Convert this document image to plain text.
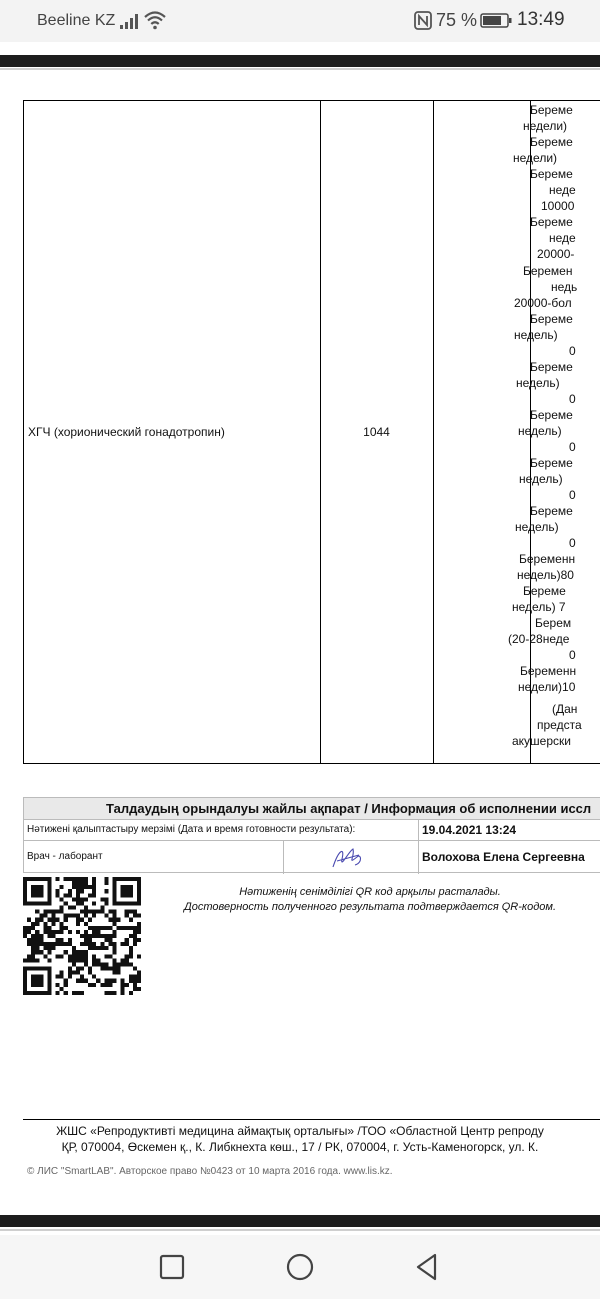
Beeline KZ	75 % 13:49
ХГЧ (хорионический гонадотропин)	1044
Береме
недели)
Береме
недели)
Береме
неде
10000
Береме
неде
20000-
Беремен
недь
20000-бол
Береме
недель)
0
Береме
недель)
0
Береме
недель)
0
Береме
недель)
0
Береме
недель)
0
Беременн
недель)80
Береме
недель) 7
Берем
(20-28неде
0
Беременн
недели)10
(Дан
предста
акушерски
Талдаудың орындалуы жайлы ақпарат / Информация об исполнении иссл
Нәтижені қалыптастыру мерзімі (Дата и время готовности результата):	19.04.2021 13:24
Врач - лаборант	Волохова Елена Сергеевна
Нәтиженің сенімділігі QR код арқылы расталады.
Достоверность полученного результата подтверждается QR-кодом.
ЖШС «Репродуктивті медицина аймақтық орталығы» /ТОО «Областной Центр репроду
ҚР, 070004, Өскемен қ., К. Либкнехта көш., 17 / РК, 070004, г. Усть-Каменогорск, ул. К.
© ЛИС "SmartLAB". Авторское право №0423 от 10 марта 2016 года. www.lis.kz.
